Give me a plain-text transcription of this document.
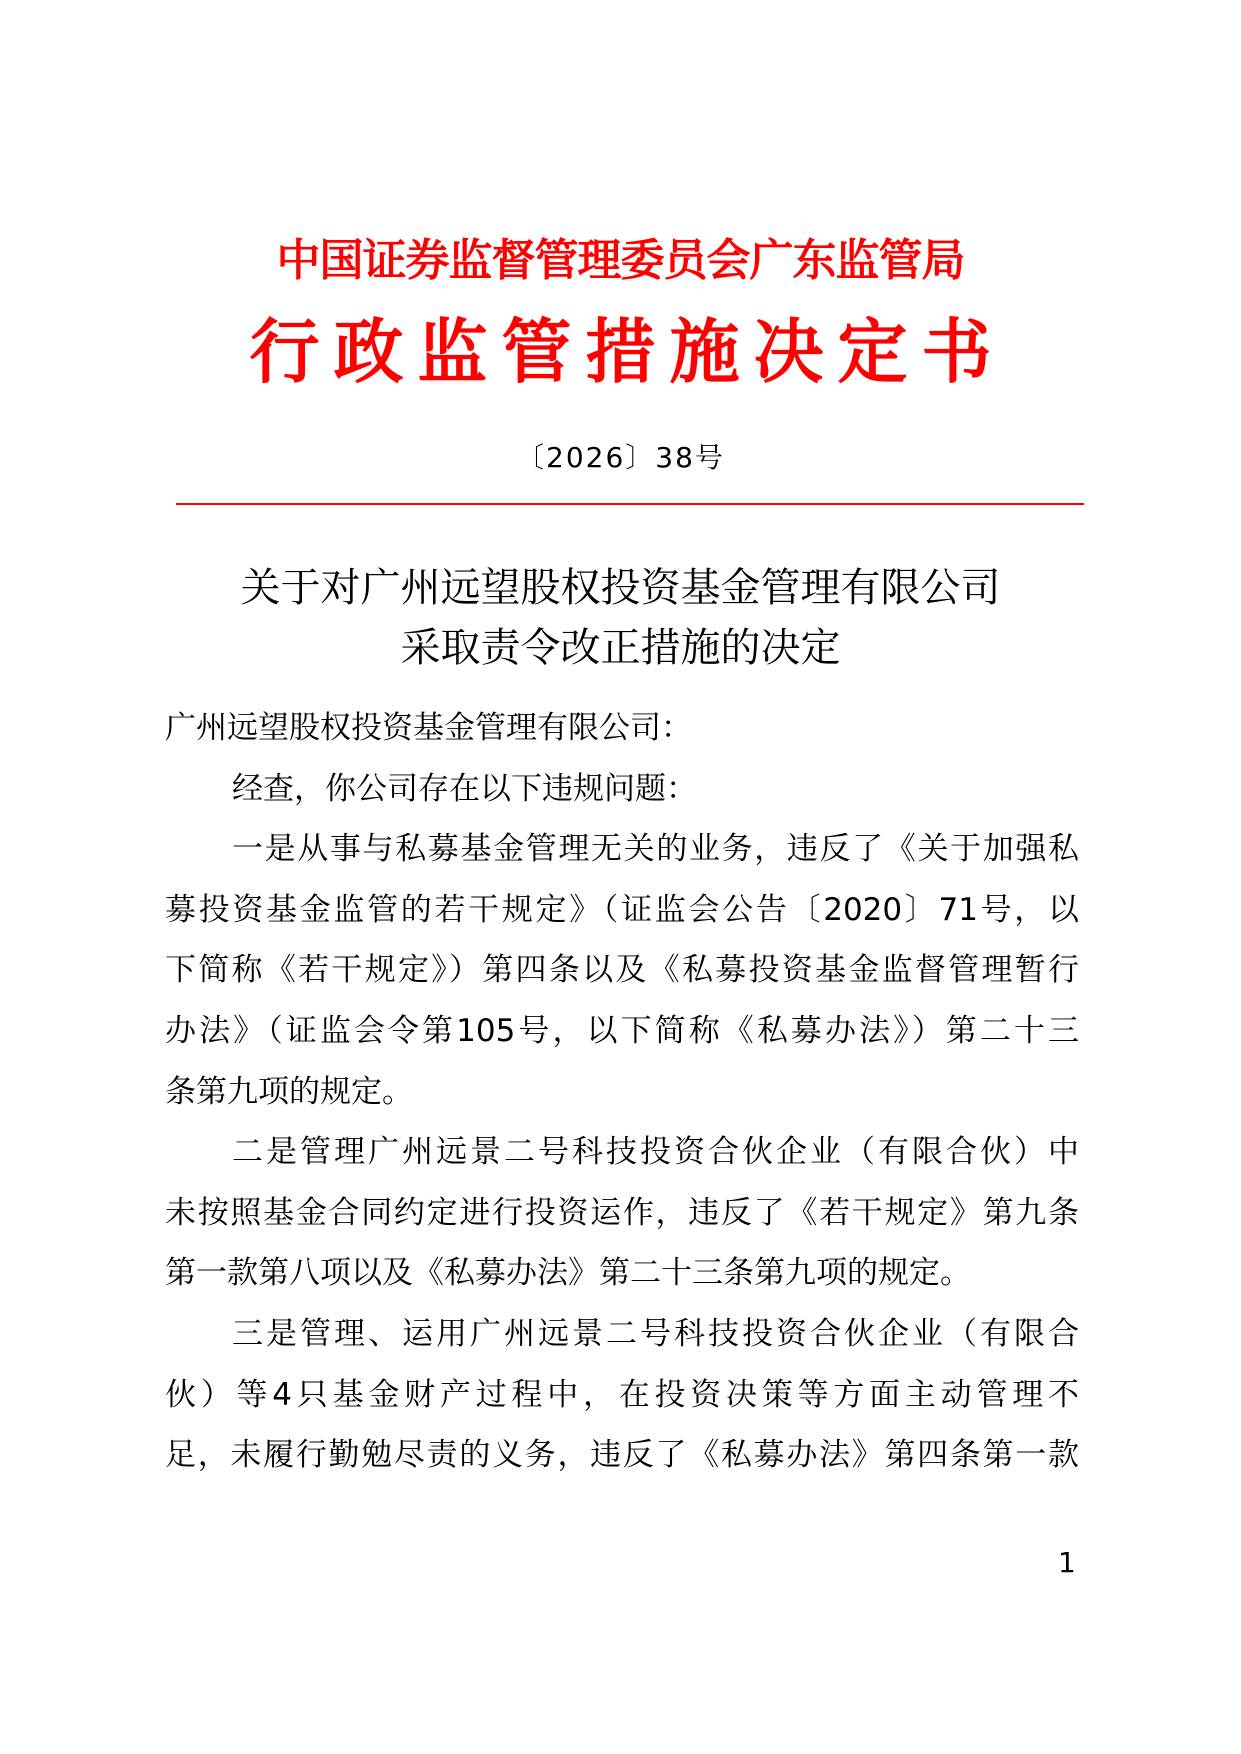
中国证券监督管理委员会广东监管局
行政监管措施决定书
〔2026〕38号
关于对广州远望股权投资基金管理有限公司
采取责令改正措施的决定
广州远望股权投资基金管理有限公司：
经查，你公司存在以下违规问题：
一是从事与私募基金管理无关的业务，违反了《关于加强私
募投资基金监管的若干规定》（证监会公告〔2020〕71号，以
下简称《若干规定》）第四条以及《私募投资基金监督管理暂行
办法》（证监会令第105号，以下简称《私募办法》）第二十三
条第九项的规定。
二是管理广州远景二号科技投资合伙企业（有限合伙）中
未按照基金合同约定进行投资运作，违反了《若干规定》第九条
第一款第八项以及《私募办法》第二十三条第九项的规定。
三是管理、运用广州远景二号科技投资合伙企业（有限合
伙）等4只基金财产过程中，在投资决策等方面主动管理不
足，未履行勤勉尽责的义务，违反了《私募办法》第四条第一款
1
